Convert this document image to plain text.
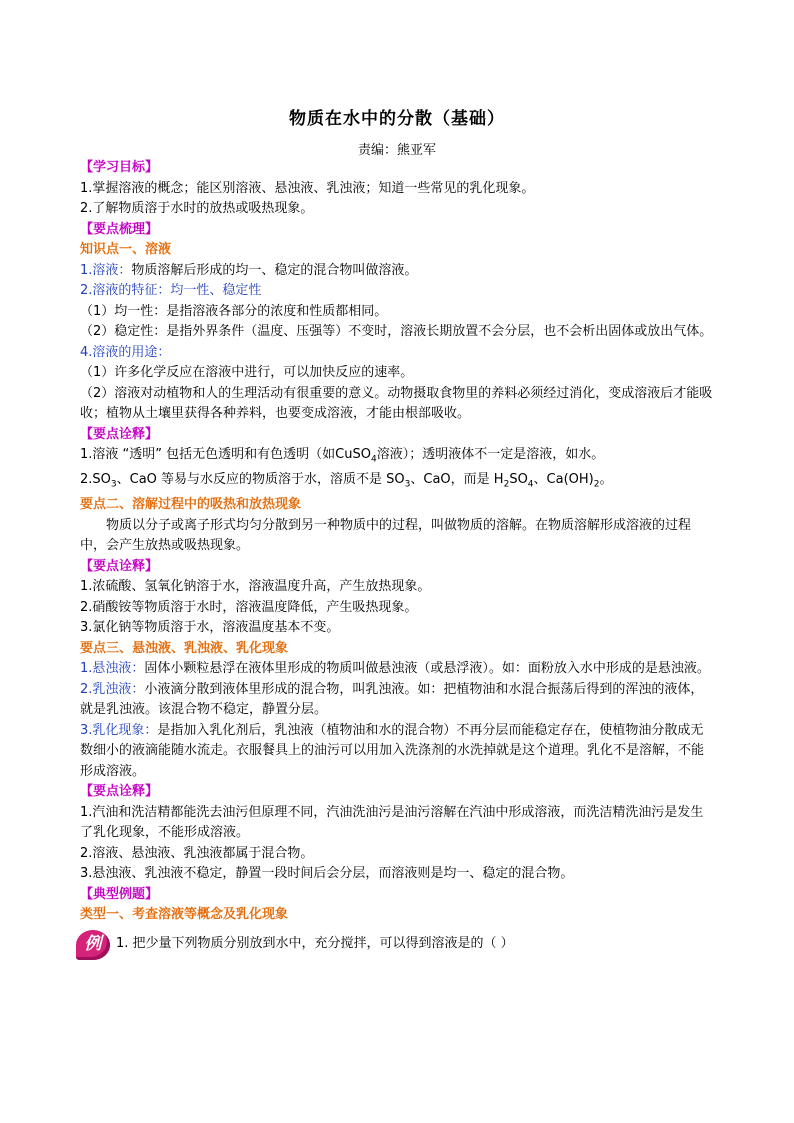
物质在水中的分散（基础）
责编：熊亚军

【学习目标】

1.掌握溶液的概念；能区别溶液、悬浊液、乳浊液；知道一些常见的乳化现象。

2.了解物质溶于水时的放热或吸热现象。

【要点梳理】

知识点一、溶液

1.溶液：物质溶解后形成的均一、稳定的混合物叫做溶液。

2.溶液的特征：均一性、稳定性

（1）均一性：是指溶液各部分的浓度和性质都相同。

（2）稳定性：是指外界条件（温度、压强等）不变时，溶液长期放置不会分层，也不会析出固体或放出气体。

4.溶液的用途：

（1）许多化学反应在溶液中进行，可以加快反应的速率。

（2）溶液对动植物和人的生理活动有很重要的意义。动物摄取食物里的养料必须经过消化，变成溶液后才能吸收；植物从土壤里获得各种养料，也要变成溶液，才能由根部吸收。

【要点诠释】

1.溶液 “透明” 包括无色透明和有色透明（如CuSO$_4$溶液）；透明液体不一定是溶液，如水。

$2.SO_3$、CaO 等易与水反应的物质溶于水，溶质不是 $SO_3$、CaO，而是 $H_2SO_4$、$Ca(OH)_2$。

要点二、溶解过程中的吸热和放热现象

物质以分子或离子形式均匀分散到另一种物质中的过程，叫做物质的溶解。在物质溶解形成溶液的过程中，会产生放热或吸热现象。

【要点诠释】

1.浓硫酸、氢氧化钠溶于水，溶液温度升高，产生放热现象。

2.硝酸铵等物质溶于水时，溶液温度降低，产生吸热现象。

3.氯化钠等物质溶于水，溶液温度基本不变。

要点三、悬浊液、乳浊液、乳化现象

1.悬浊液：固体小颗粒悬浮在液体里形成的物质叫做悬浊液（或悬浮液）。如：面粉放入水中形成的是悬浊液。

2.乳浊液：小液滴分散到液体里形成的混合物，叫乳浊液。如：把植物油和水混合振荡后得到的浑浊的液体，就是乳浊液。该混合物不稳定，静置分层。

3.乳化现象：是指加入乳化剂后，乳浊液（植物油和水的混合物）不再分层而能稳定存在，使植物油分散成无数细小的液滴能随水流走。衣服餐具上的油污可以用加入洗涤剂的水洗掉就是这个道理。乳化不是溶解，不能形成溶液。

【要点诠释】

1.汽油和洗洁精都能洗去油污但原理不同，汽油洗油污是油污溶解在汽油中形成溶液，而洗洁精洗油污是发生了乳化现象，不能形成溶液。

2.溶液、悬浊液、乳浊液都属于混合物。

3.悬浊液、乳浊液不稳定，静置一段时间后会分层，而溶液则是均一、稳定的混合物。

【典型例题】

类型一、考查溶液等概念及乳化现象

例	1. 把少量下列物质分别放到水中，充分搅拌，可以得到溶液是的（ ）
